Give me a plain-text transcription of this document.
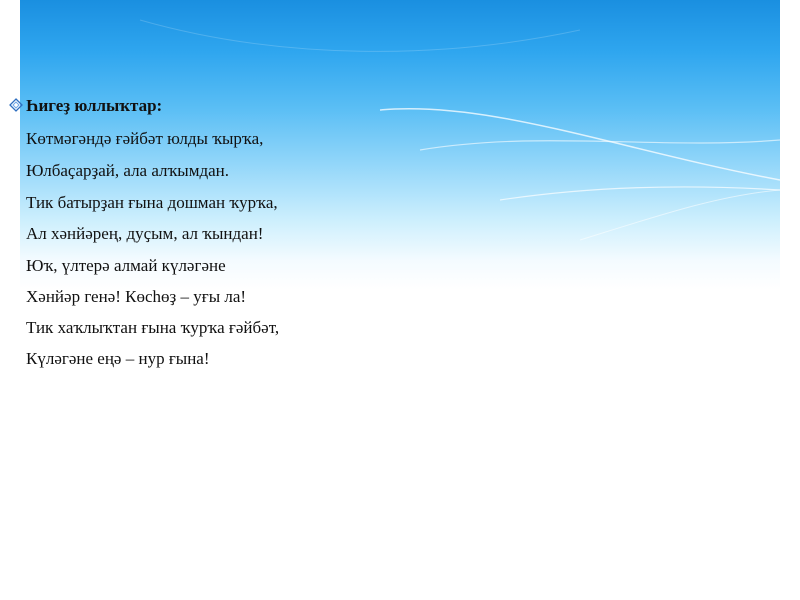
Һигеҙ юллыҡтар:
Көтмәгәндә ғәйбәт юлды ҡырҡа,
Юлбаҫарҙай, ала алҡымдан.
Тик батырҙан ғына дошман ҡурҡа,
Ал хәнйәрең, дуҫым, ал ҡындан!
Юҡ, үлтерә алмай күләгәне
Хәнйәр генә! Көсһөҙ – уғы ла!
Тик хаҡлыҡтан ғына ҡурҡа ғәйбәт,
Күләгәне еңә – нур ғына!
